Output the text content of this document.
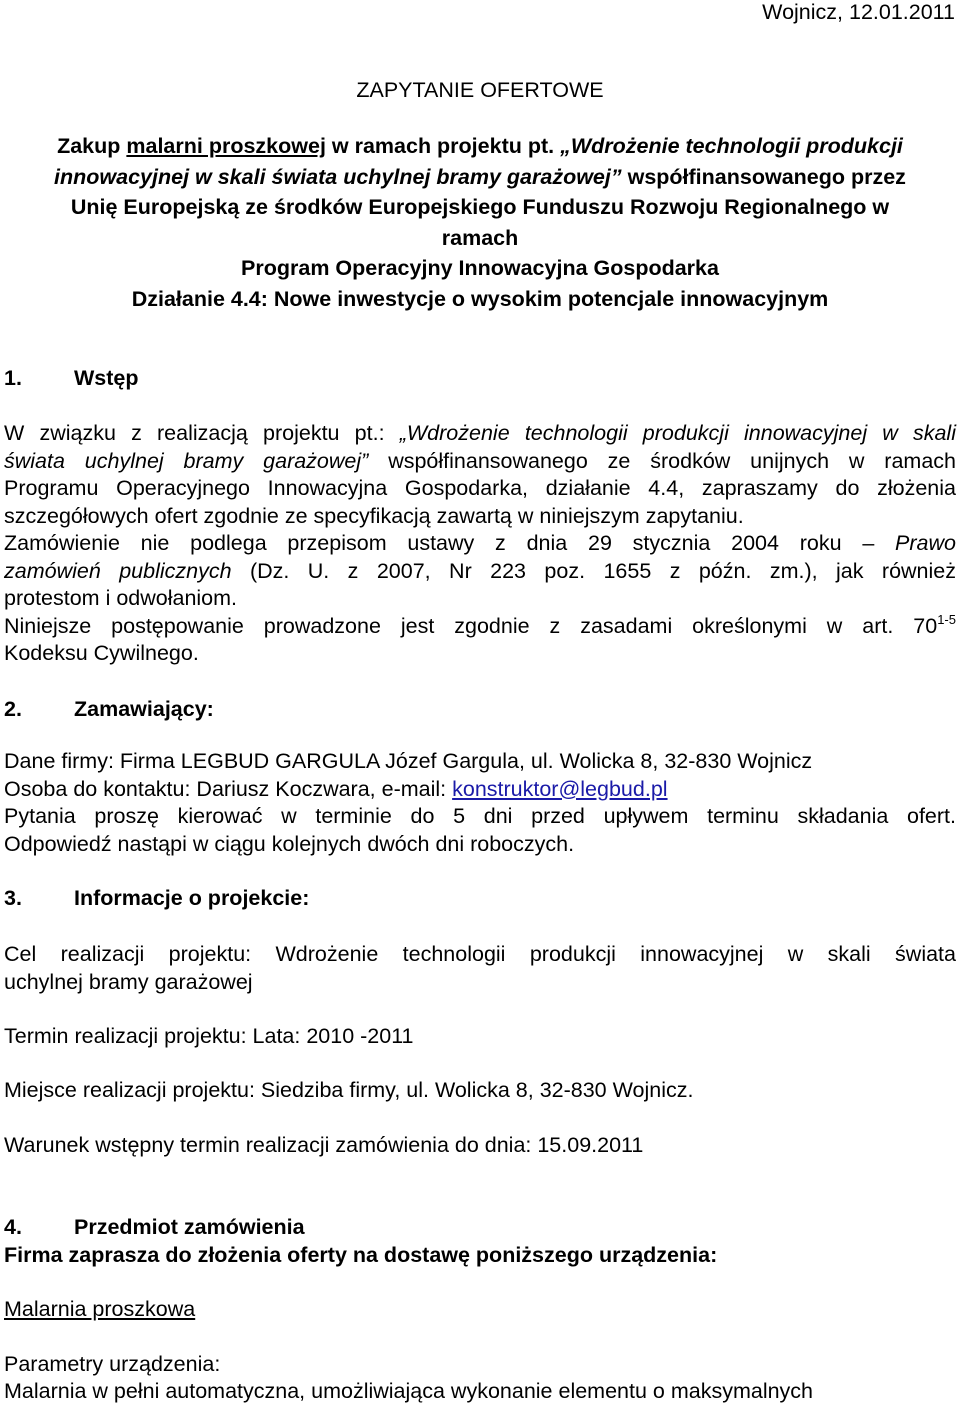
Wojnicz, 12.01.2011
ZAPYTANIE OFERTOWE
Zakup malarni proszkowej w ramach projektu pt. „Wdrożenie technologii produkcji
innowacyjnej w skali świata uchylnej bramy garażowej” współfinansowanego przez
Unię Europejską ze środków Europejskiego Funduszu Rozwoju Regionalnego w
ramach
Program Operacyjny Innowacyjna Gospodarka
Działanie 4.4: Nowe inwestycje o wysokim potencjale innowacyjnym
1. Wstęp
W związku z realizacją projektu pt.: „Wdrożenie technologii produkcji innowacyjnej w skali
świata uchylnej bramy garażowej” współfinansowanego ze środków unijnych w ramach
Programu Operacyjnego Innowacyjna Gospodarka, działanie 4.4, zapraszamy do złożenia
szczegółowych ofert zgodnie ze specyfikacją zawartą w niniejszym zapytaniu.
Zamówienie nie podlega przepisom ustawy z dnia 29 stycznia 2004 roku – Prawo
zamówień publicznych (Dz. U. z 2007, Nr 223 poz. 1655 z późn. zm.), jak również
protestom i odwołaniom.
Niniejsze postępowanie prowadzone jest zgodnie z zasadami określonymi w art. 70$^{1-5}$
Kodeksu Cywilnego.
2. Zamawiający:
Dane firmy: Firma LEGBUD GARGULA Józef Gargula, ul. Wolicka 8, 32-830 Wojnicz
Osoba do kontaktu: Dariusz Koczwara, e-mail: konstruktor@legbud.pl
Pytania proszę kierować w terminie do 5 dni przed upływem terminu składania ofert.
Odpowiedź nastąpi w ciągu kolejnych dwóch dni roboczych.
3. Informacje o projekcie:
Cel realizacji projektu: Wdrożenie technologii produkcji innowacyjnej w skali świata
uchylnej bramy garażowej
Termin realizacji projektu: Lata: 2010 -2011
Miejsce realizacji projektu: Siedziba firmy, ul. Wolicka 8, 32-830 Wojnicz.
Warunek wstępny termin realizacji zamówienia do dnia: 15.09.2011
4. Przedmiot zamówienia
Firma zaprasza do złożenia oferty na dostawę poniższego urządzenia:
Malarnia proszkowa
Parametry urządzenia:
Malarnia w pełni automatyczna, umożliwiająca wykonanie elementu o maksymalnych
